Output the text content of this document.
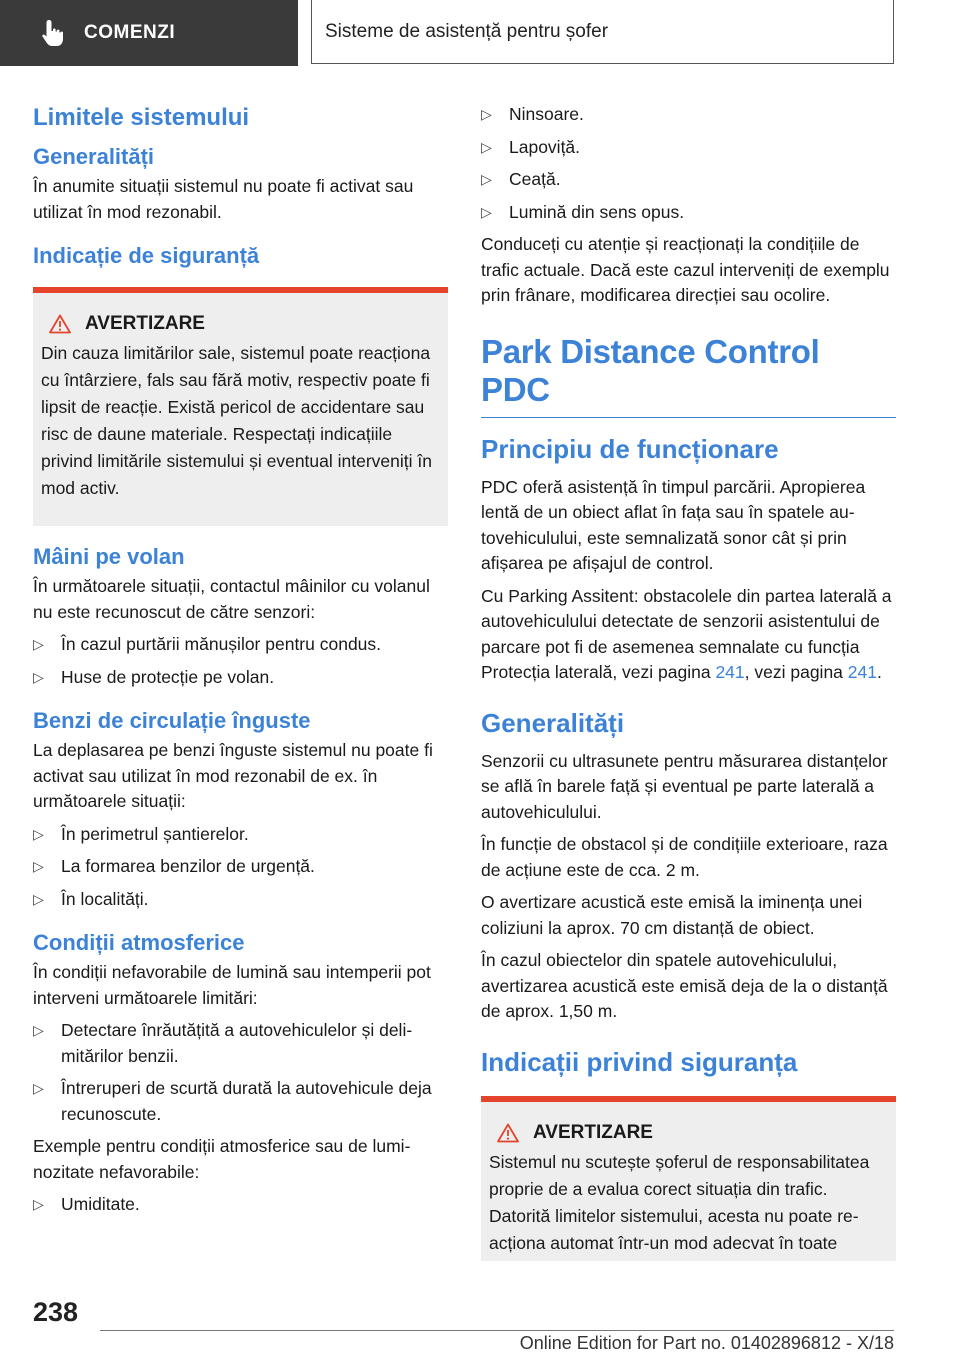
COMENZI	Sisteme de asistență pentru șofer
Limitele sistemului
Generalități

În anumite situații sistemul nu poate fi activat sau utilizat în mod rezonabil.

Indicație de siguranță
AVERTIZARE

Din cauza limitărilor sale, sistemul poate reacționa cu întârziere, fals sau fără motiv, respectiv poate fi lipsit de reacție. Există pericol de accidentare sau risc de daune materiale. Respectați indicațiile privind limitările sistemului și eventual interveniți în mod activ.

Mâini pe volan

În următoarele situații, contactul mâinilor cu volanul nu este recunoscut de către senzori:

▷ În cazul purtării mănușilor pentru condus.
▷ Huse de protecție pe volan.
Benzi de circulație înguste

La deplasarea pe benzi înguste sistemul nu poate fi activat sau utilizat în mod rezonabil de ex. în următoarele situații:

▷ În perimetrul șantierelor.
▷ La formarea benzilor de urgență.
▷ În localități.
Condiții atmosferice

În condiții nefavorabile de lumină sau intemperii pot interveni următoarele limitări:

▷ Detectare înrăutățită a autovehiculelor și delimitărilor benzii.
▷ Întreruperi de scurtă durată la autovehicule deja recunoscute.

Exemple pentru condiții atmosferice sau de luminozitate nefavorabile:

▷ Umiditate.
▷ Ninsoare.
▷ Lapoviță.
▷ Ceață.
▷ Lumină din sens opus.

Conduceți cu atenție și reacționați la condițiile de trafic actuale. Dacă este cazul interveniți de exemplu prin frânare, modificarea direcției sau ocolire.

Park Distance Control PDC
Principiu de funcționare

PDC oferă asistență în timpul parcării. Apropierea lentă de un obiect aflat în fața sau în spatele autovehiculului, este semnalizată sonor cât și prin afișarea pe afișajul de control.

Cu Parking Assitent: obstacolele din partea laterală a autovehiculului detectate de senzorii asistentului de parcare pot fi de asemenea semnalate cu funcția Protecția laterală, vezi pagina 241, vezi pagina 241.

Generalități

Senzorii cu ultrasunete pentru măsurarea distanțelor se află în barele față și eventual pe parte laterală a autovehiculului.

În funcție de obstacol și de condițiile exterioare, raza de acțiune este de cca. 2 m.

O avertizare acustică este emisă la iminența unei coliziuni la aprox. 70 cm distanță de obiect.

În cazul obiectelor din spatele autovehiculului, avertizarea acustică este emisă deja de la o distanță de aprox. 1,50 m.

Indicații privind siguranța
AVERTIZARE

Sistemul nu scutește șoferul de responsabilitatea proprie de a evalua corect situația din trafic. Datorită limitelor sistemului, acesta nu poate reacționa automat într-un mod adecvat în toate

238
Online Edition for Part no. 01402896812 - X/18
